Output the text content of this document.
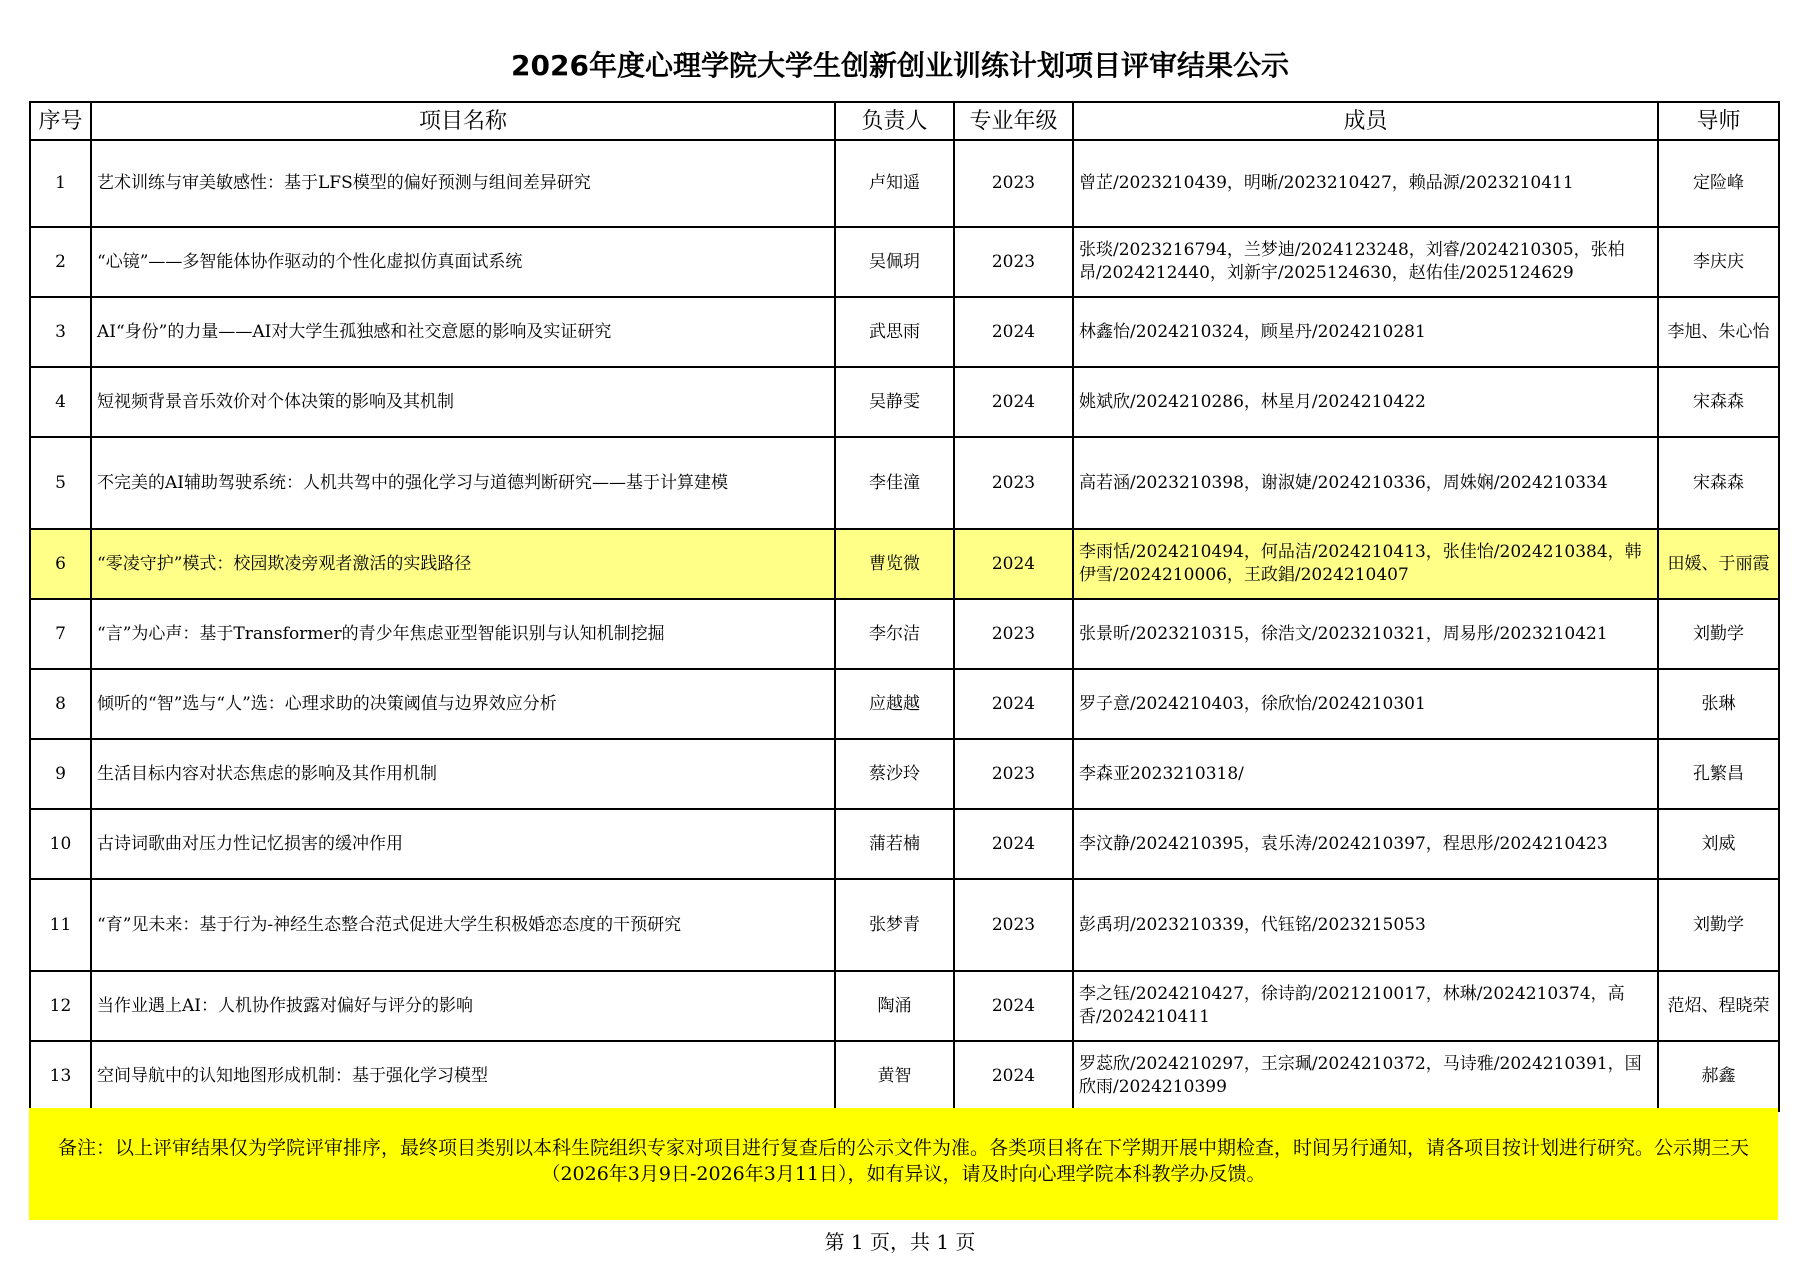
2026年度心理学院大学生创新创业训练计划项目评审结果公示
序号	项目名称	负责人	专业年级	成员	导师
1	艺术训练与审美敏感性：基于LFS模型的偏好预测与组间差异研究	卢知遥	2023	曾芷/2023210439，明晰/2023210427，赖品源/2023210411	定险峰
2	“心镜”——多智能体协作驱动的个性化虚拟仿真面试系统	吴佩玥	2023	张琰/2023216794，兰梦迪/2024123248，刘睿/2024210305，张柏昂/2024212440，刘新宇/2025124630，赵佑佳/2025124629	李庆庆
3	AI“身份”的力量——AI对大学生孤独感和社交意愿的影响及实证研究	武思雨	2024	林鑫怡/2024210324，顾星丹/2024210281	李旭、朱心怡
4	短视频背景音乐效价对个体决策的影响及其机制	吴静雯	2024	姚斌欣/2024210286，林星月/2024210422	宋森森
5	不完美的AI辅助驾驶系统：人机共驾中的强化学习与道德判断研究——基于计算建模	李佳潼	2023	高若涵/2023210398，谢淑婕/2024210336，周姝娴/2024210334	宋森森
6	“零凌守护”模式：校园欺凌旁观者激活的实践路径	曹览微	2024	李雨恬/2024210494，何品洁/2024210413，张佳怡/2024210384，韩伊雪/2024210006，王政錩/2024210407	田媛、于丽霞
7	“言”为心声：基于Transformer的青少年焦虑亚型智能识别与认知机制挖掘	李尔洁	2023	张景昕/2023210315，徐浩文/2023210321，周易彤/2023210421	刘勤学
8	倾听的“智”选与“人”选：心理求助的决策阈值与边界效应分析	应越越	2024	罗子意/2024210403，徐欣怡/2024210301	张琳
9	生活目标内容对状态焦虑的影响及其作用机制	蔡沙玲	2023	李森亚2023210318/	孔繁昌
10	古诗词歌曲对压力性记忆损害的缓冲作用	蒲若楠	2024	李汶静/2024210395，袁乐涛/2024210397，程思彤/2024210423	刘威
11	“育”见未来：基于行为-神经生态整合范式促进大学生积极婚恋态度的干预研究	张梦青	2023	彭禹玥/2023210339，代钰铭/2023215053	刘勤学
12	当作业遇上AI：人机协作披露对偏好与评分的影响	陶涌	2024	李之钰/2024210427，徐诗韵/2021210017，林琳/2024210374，高香/2024210411	范炤、程晓荣
13	空间导航中的认知地图形成机制：基于强化学习模型	黄智	2024	罗蕊欣/2024210297，王宗珮/2024210372，马诗雅/2024210391，国欣雨/2024210399	郝鑫
备注：以上评审结果仅为学院评审排序，最终项目类别以本科生院组织专家对项目进行复查后的公示文件为准。各类项目将在下学期开展中期检查，时间另行通知，请各项目按计划进行研究。公示期三天（2026年3月9日-2026年3月11日），如有异议，请及时向心理学院本科教学办反馈。
第 1 页，共 1 页
